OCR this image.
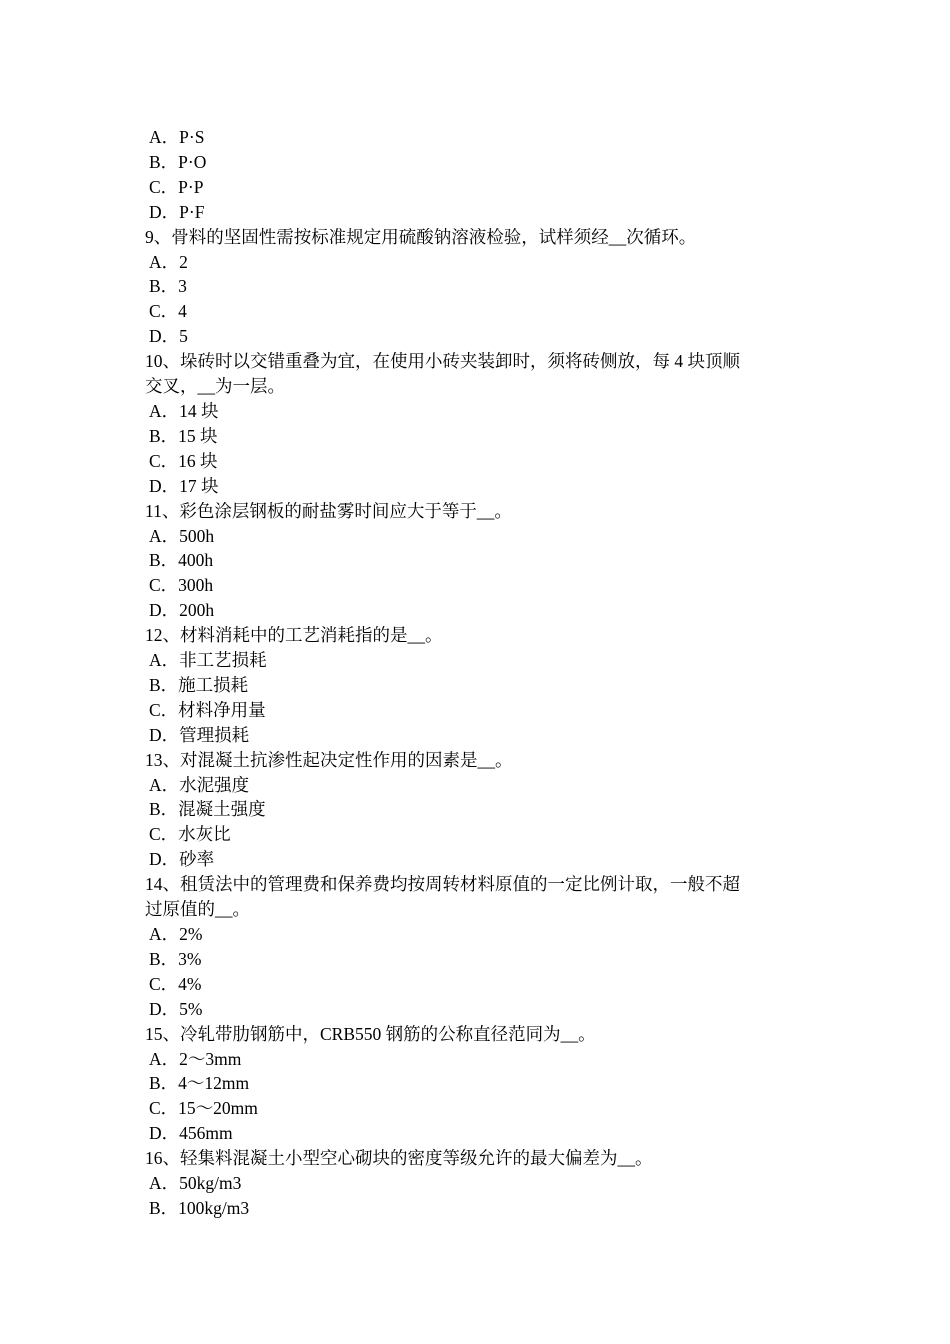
A．P·S
B．P·O
C．P·P
D．P·F
9、骨料的坚固性需按标准规定用硫酸钠溶液检验，试样须经__次循环。
A．2
B．3
C．4
D．5
10、垛砖时以交错重叠为宜，在使用小砖夹装卸时，须将砖侧放，每 4 块顶顺
交叉，__为一层。
A．14 块
B．15 块
C．16 块
D．17 块
11、彩色涂层钢板的耐盐雾时间应大于等于__。
A．500h
B．400h
C．300h
D．200h
12、材料消耗中的工艺消耗指的是__。
A．非工艺损耗
B．施工损耗
C．材料净用量
D．管理损耗
13、对混凝土抗渗性起决定性作用的因素是__。
A．水泥强度
B．混凝土强度
C．水灰比
D．砂率
14、租赁法中的管理费和保养费均按周转材料原值的一定比例计取，一般不超
过原值的__。
A．2%
B．3%
C．4%
D．5%
15、冷轧带肋钢筋中，CRB550 钢筋的公称直径范同为__。
A．2～3mm
B．4～12mm
C．15～20mm
D．456mm
16、轻集料混凝土小型空心砌块的密度等级允许的最大偏差为__。
A．50kg/m3
B．100kg/m3
